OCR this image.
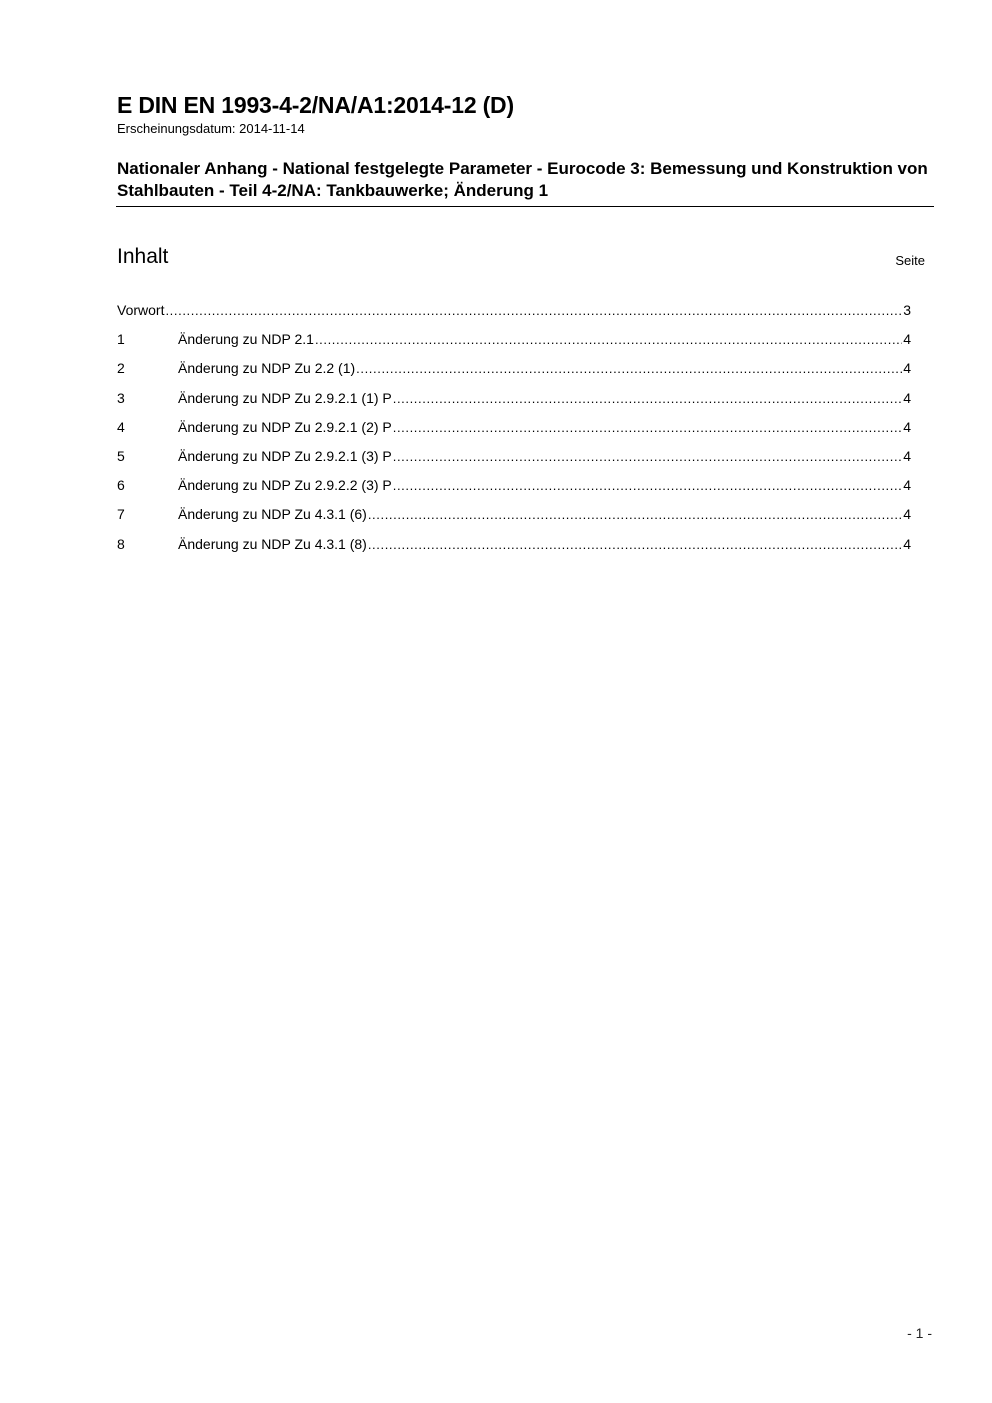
E DIN EN 1993-4-2/NA/A1:2014-12 (D)
Erscheinungsdatum: 2014-11-14
Nationaler Anhang - National festgelegte Parameter - Eurocode 3: Bemessung und Konstruktion von Stahlbauten - Teil 4-2/NA: Tankbauwerke; Änderung 1
Inhalt	Seite
Vorwort .....	3
1	Änderung zu NDP 2.1 .....	4
2	Änderung zu NDP Zu 2.2 (1) .....	4
3	Änderung zu NDP Zu 2.9.2.1 (1) P .....	4
4	Änderung zu NDP Zu 2.9.2.1 (2) P .....	4
5	Änderung zu NDP Zu 2.9.2.1 (3) P .....	4
6	Änderung zu NDP Zu 2.9.2.2 (3) P .....	4
7	Änderung zu NDP Zu 4.3.1 (6) .....	4
8	Änderung zu NDP Zu 4.3.1 (8) .....	4
- 1 -
